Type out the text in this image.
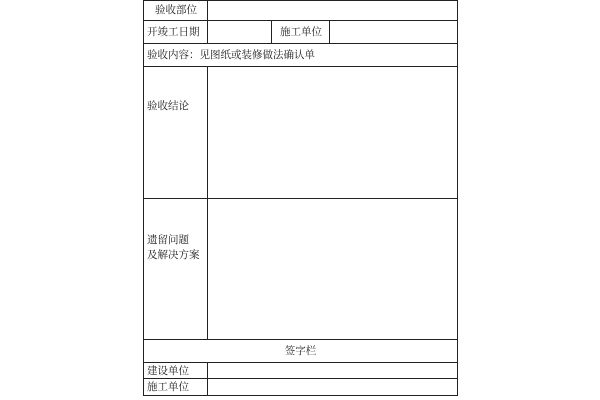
验收部位
开竣工日期	施工单位
验收内容：见图纸或装修做法确认单
验收结论
遗留问题
及解决方案
签字栏
建设单位
施工单位
